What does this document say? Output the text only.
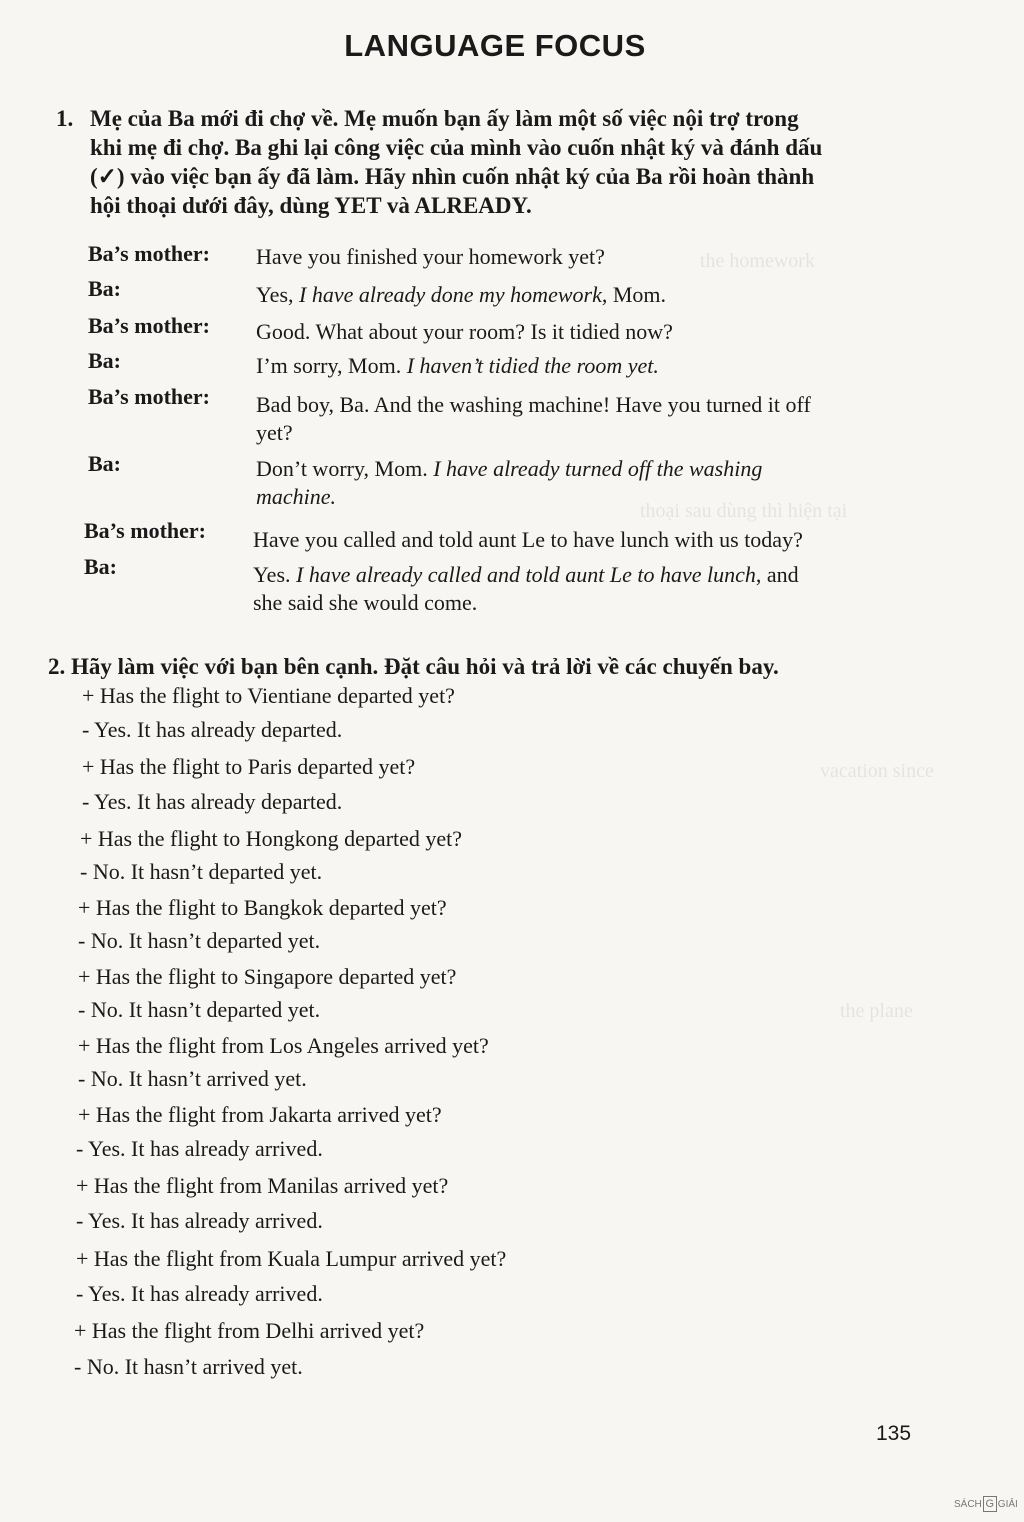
the homework
thoại sau dùng thì hiện tại
vacation since
the plane
LANGUAGE FOCUS
1. Mẹ của Ba mới đi chợ về. Mẹ muốn bạn ấy làm một số việc nội trợ trong
khi mẹ đi chợ. Ba ghi lại công việc của mình vào cuốn nhật ký và đánh dấu
(✓) vào việc bạn ấy đã làm. Hãy nhìn cuốn nhật ký của Ba rồi hoàn thành
hội thoại dưới đây, dùng YET và ALREADY.
Ba’s mother: Have you finished your homework yet?
Ba:	Yes, I have already done my homework, Mom.
Ba’s mother: Good. What about your room? Is it tidied now?
Ba:	I’m sorry, Mom. I haven’t tidied the room yet.
Ba’s mother: Bad boy, Ba. And the washing machine! Have you turned it off
yet?
Ba:	Don’t worry, Mom. I have already turned off the washing
machine.
Ba’s mother: Have you called and told aunt Le to have lunch with us today?
Ba:	Yes. I have already called and told aunt Le to have lunch, and
she said she would come.
2. Hãy làm việc với bạn bên cạnh. Đặt câu hỏi và trả lời về các chuyến bay.
+ Has the flight to Vientiane departed yet?
- Yes. It has already departed.
+ Has the flight to Paris departed yet?
- Yes. It has already departed.
+ Has the flight to Hongkong departed yet?
- No. It hasn’t departed yet.
+ Has the flight to Bangkok departed yet?
- No. It hasn’t departed yet.
+ Has the flight to Singapore departed yet?
- No. It hasn’t departed yet.
+ Has the flight from Los Angeles arrived yet?
- No. It hasn’t arrived yet.
+ Has the flight from Jakarta arrived yet?
- Yes. It has already arrived.
+ Has the flight from Manilas arrived yet?
- Yes. It has already arrived.
+ Has the flight from Kuala Lumpur arrived yet?
- Yes. It has already arrived.
+ Has the flight from Delhi arrived yet?
- No. It hasn’t arrived yet.
135
SÁCH G GIẢI
